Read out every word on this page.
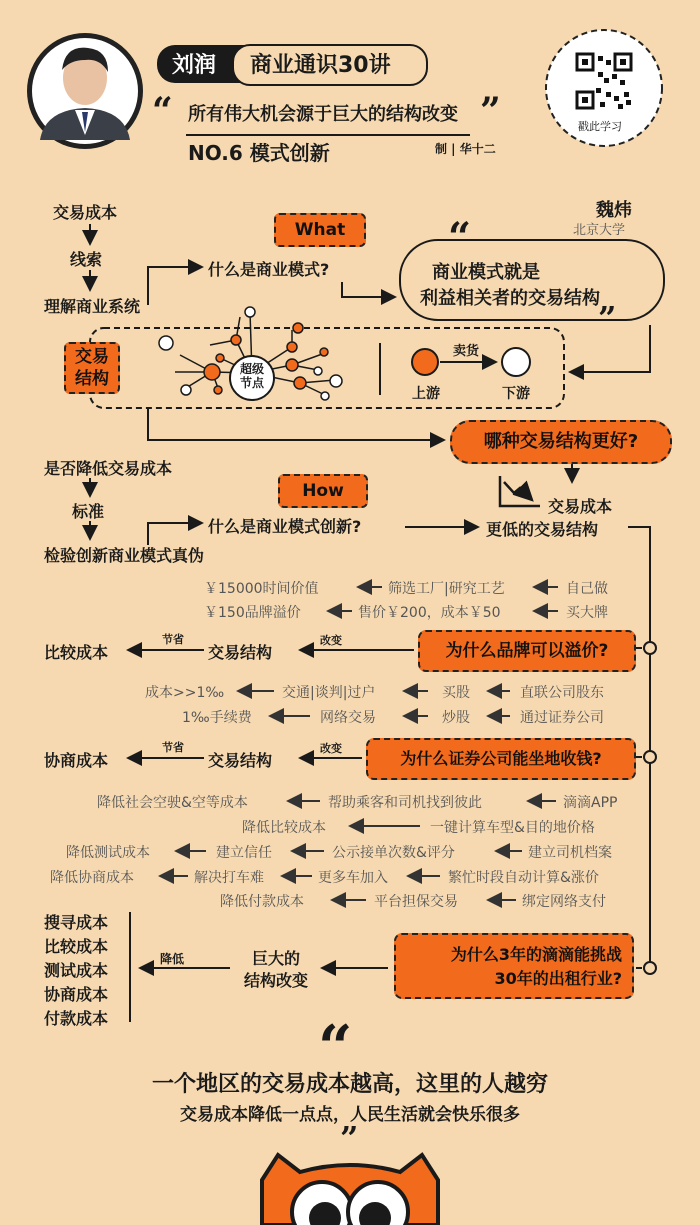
刘润 商业通识30讲
“ 所有伟大机会源于巨大的结构改变 ”
NO.6 模式创新	制 | 华十二
戳此学习
交易成本
线索
理解商业系统
What
什么是商业模式?
魏炜
北京大学
“
商业模式就是
利益相关者的交易结构
”
交易
结构	超级
节点
卖货
上游	下游
哪种交易结构更好?
是否降低交易成本
标准
检验创新商业模式真伪
How
什么是商业模式创新?
交易成本
更低的交易结构
￥15000时间价值	筛选工厂|研究工艺	自己做
￥150品牌溢价	售价￥200，成本￥50	买大牌
比较成本
节省
交易结构
改变
为什么品牌可以溢价?
成本>>1‰	交通|谈判|过户	买股	直联公司股东
1‰手续费	网络交易	炒股	通过证券公司
协商成本
节省
交易结构
改变
为什么证券公司能坐地收钱?
降低社会空驶&空等成本	帮助乘客和司机找到彼此	滴滴APP
降低比较成本	一键计算车型&目的地价格
降低测试成本	建立信任	公示接单次数&评分	建立司机档案
降低协商成本	解决打车难	更多车加入	繁忙时段自动计算&涨价
降低付款成本	平台担保交易	绑定网络支付
搜寻成本
比较成本
测试成本
协商成本
付款成本
降低	巨大的
结构改变
为什么3年的滴滴能挑战
30年的出租行业?
“
一个地区的交易成本越高，这里的人越穷
交易成本降低一点点，人民生活就会快乐很多
”
